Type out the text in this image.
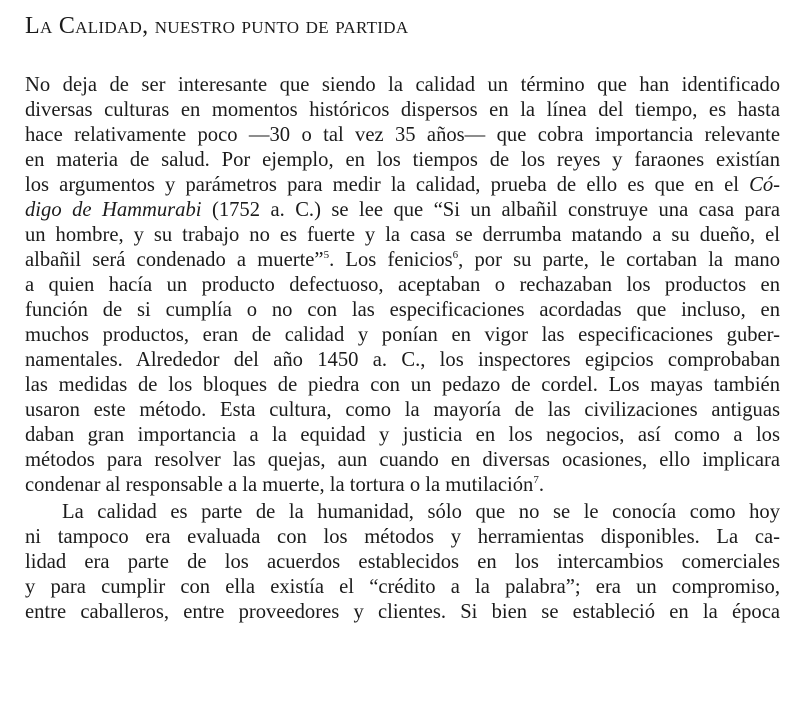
La Calidad, nuestro punto de partida

No deja de ser interesante que siendo la calidad un término que han identificado
diversas culturas en momentos históricos dispersos en la línea del tiempo, es hasta
hace relativamente poco —30 o tal vez 35 años— que cobra importancia relevante
en materia de salud. Por ejemplo, en los tiempos de los reyes y faraones existían
los argumentos y parámetros para medir la calidad, prueba de ello es que en el Có-
digo de Hammurabi (1752 a. C.) se lee que “Si un albañil construye una casa para
un hombre, y su trabajo no es fuerte y la casa se derrumba matando a su dueño, el
albañil será condenado a muerte”$^5$. Los fenicios$^6$, por su parte, le cortaban la mano
a quien hacía un producto defectuoso, aceptaban o rechazaban los productos en
función de si cumplía o no con las especificaciones acordadas que incluso, en
muchos productos, eran de calidad y ponían en vigor las especificaciones guber-
namentales. Alrededor del año 1450 a. C., los inspectores egipcios comprobaban
las medidas de los bloques de piedra con un pedazo de cordel. Los mayas también
usaron este método. Esta cultura, como la mayoría de las civilizaciones antiguas
daban gran importancia a la equidad y justicia en los negocios, así como a los
métodos para resolver las quejas, aun cuando en diversas ocasiones, ello implicara
condenar al responsable a la muerte, la tortura o la mutilación$^7$.

La calidad es parte de la humanidad, sólo que no se le conocía como hoy
ni tampoco era evaluada con los métodos y herramientas disponibles. La ca-
lidad era parte de los acuerdos establecidos en los intercambios comerciales
y para cumplir con ella existía el “crédito a la palabra”; era un compromiso,
entre caballeros, entre proveedores y clientes. Si bien se estableció en la época
